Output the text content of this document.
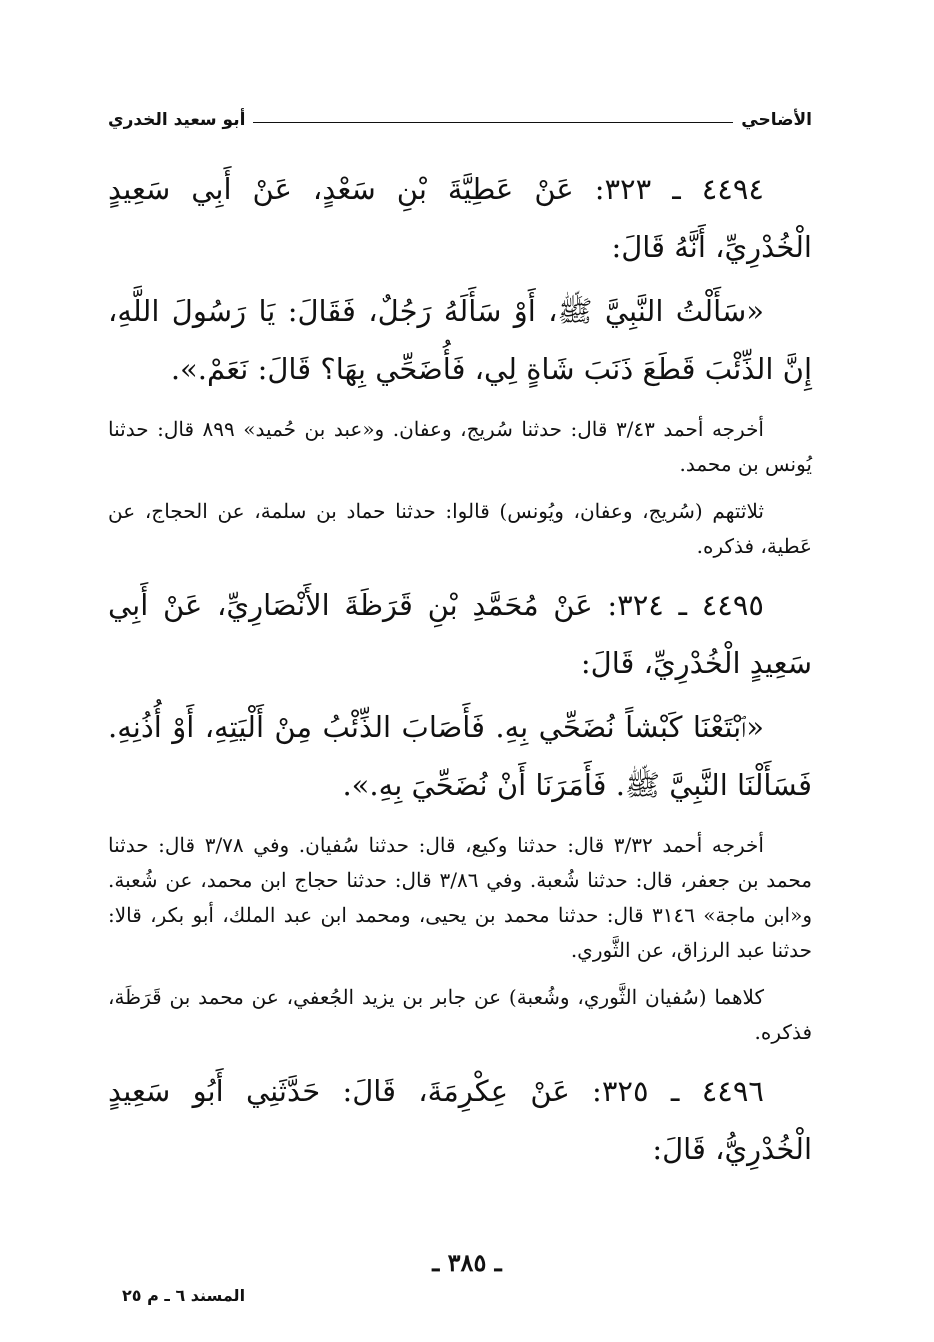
الأضاحي
أبو سعيد الخدري

٤٤٩٤ ـ ٣٢٣: عَنْ عَطِيَّةَ بْنِ سَعْدٍ، عَنْ أَبِي سَعِيدٍ الْخُدْرِيِّ، أَنَّهُ قَالَ:

«سَأَلْتُ النَّبِيَّ ﷺ، أَوْ سَأَلَهُ رَجُلٌ، فَقَالَ: يَا رَسُولَ اللَّهِ، إِنَّ الذِّئْبَ قَطَعَ ذَنَبَ شَاةٍ لِي، فَأُضَحِّي بِهَا؟ قَالَ: نَعَمْ.».

أخرجه أحمد ٣/٤٣ قال: حدثنا سُريج، وعفان. و«عبد بن حُميد» ٨٩٩ قال: حدثنا يُونس بن محمد.

ثلاثتهم (سُريج، وعفان، ويُونس) قالوا: حدثنا حماد بن سلمة، عن الحجاج، عن عَطية، فذكره.

٤٤٩٥ ـ ٣٢٤: عَنْ مُحَمَّدِ بْنِ قَرَظَةَ الأَنْصَارِيِّ، عَنْ أَبِي سَعِيدٍ الْخُدْرِيِّ، قَالَ:

«ٱبْتَعْنَا كَبْشاً نُضَحِّي بِهِ. فَأَصَابَ الذِّئْبُ مِنْ أَلْيَتِهِ، أَوْ أُذُنِهِ. فَسَأَلْنَا النَّبِيَّ ﷺ. فَأَمَرَنَا أَنْ نُضَحِّيَ بِهِ.».

أخرجه أحمد ٣/٣٢ قال: حدثنا وكيع، قال: حدثنا سُفيان. وفي ٣/٧٨ قال: حدثنا محمد بن جعفر، قال: حدثنا شُعبة. وفي ٣/٨٦ قال: حدثنا حجاج ابن محمد، عن شُعبة. و«ابن ماجة» ٣١٤٦ قال: حدثنا محمد بن يحيى، ومحمد ابن عبد الملك، أبو بكر، قالا: حدثنا عبد الرزاق، عن الثَّوري.

كلاهما (سُفيان الثَّوري، وشُعبة) عن جابر بن يزيد الجُعفي، عن محمد بن قَرَظَة، فذكره.

٤٤٩٦ ـ ٣٢٥: عَنْ عِكْرِمَةَ، قَالَ: حَدَّثَنِي أَبُو سَعِيدٍ الْخُدْرِيُّ، قَالَ:

ـ ٣٨٥ ـ
المسند ٦ ـ م ٢٥
